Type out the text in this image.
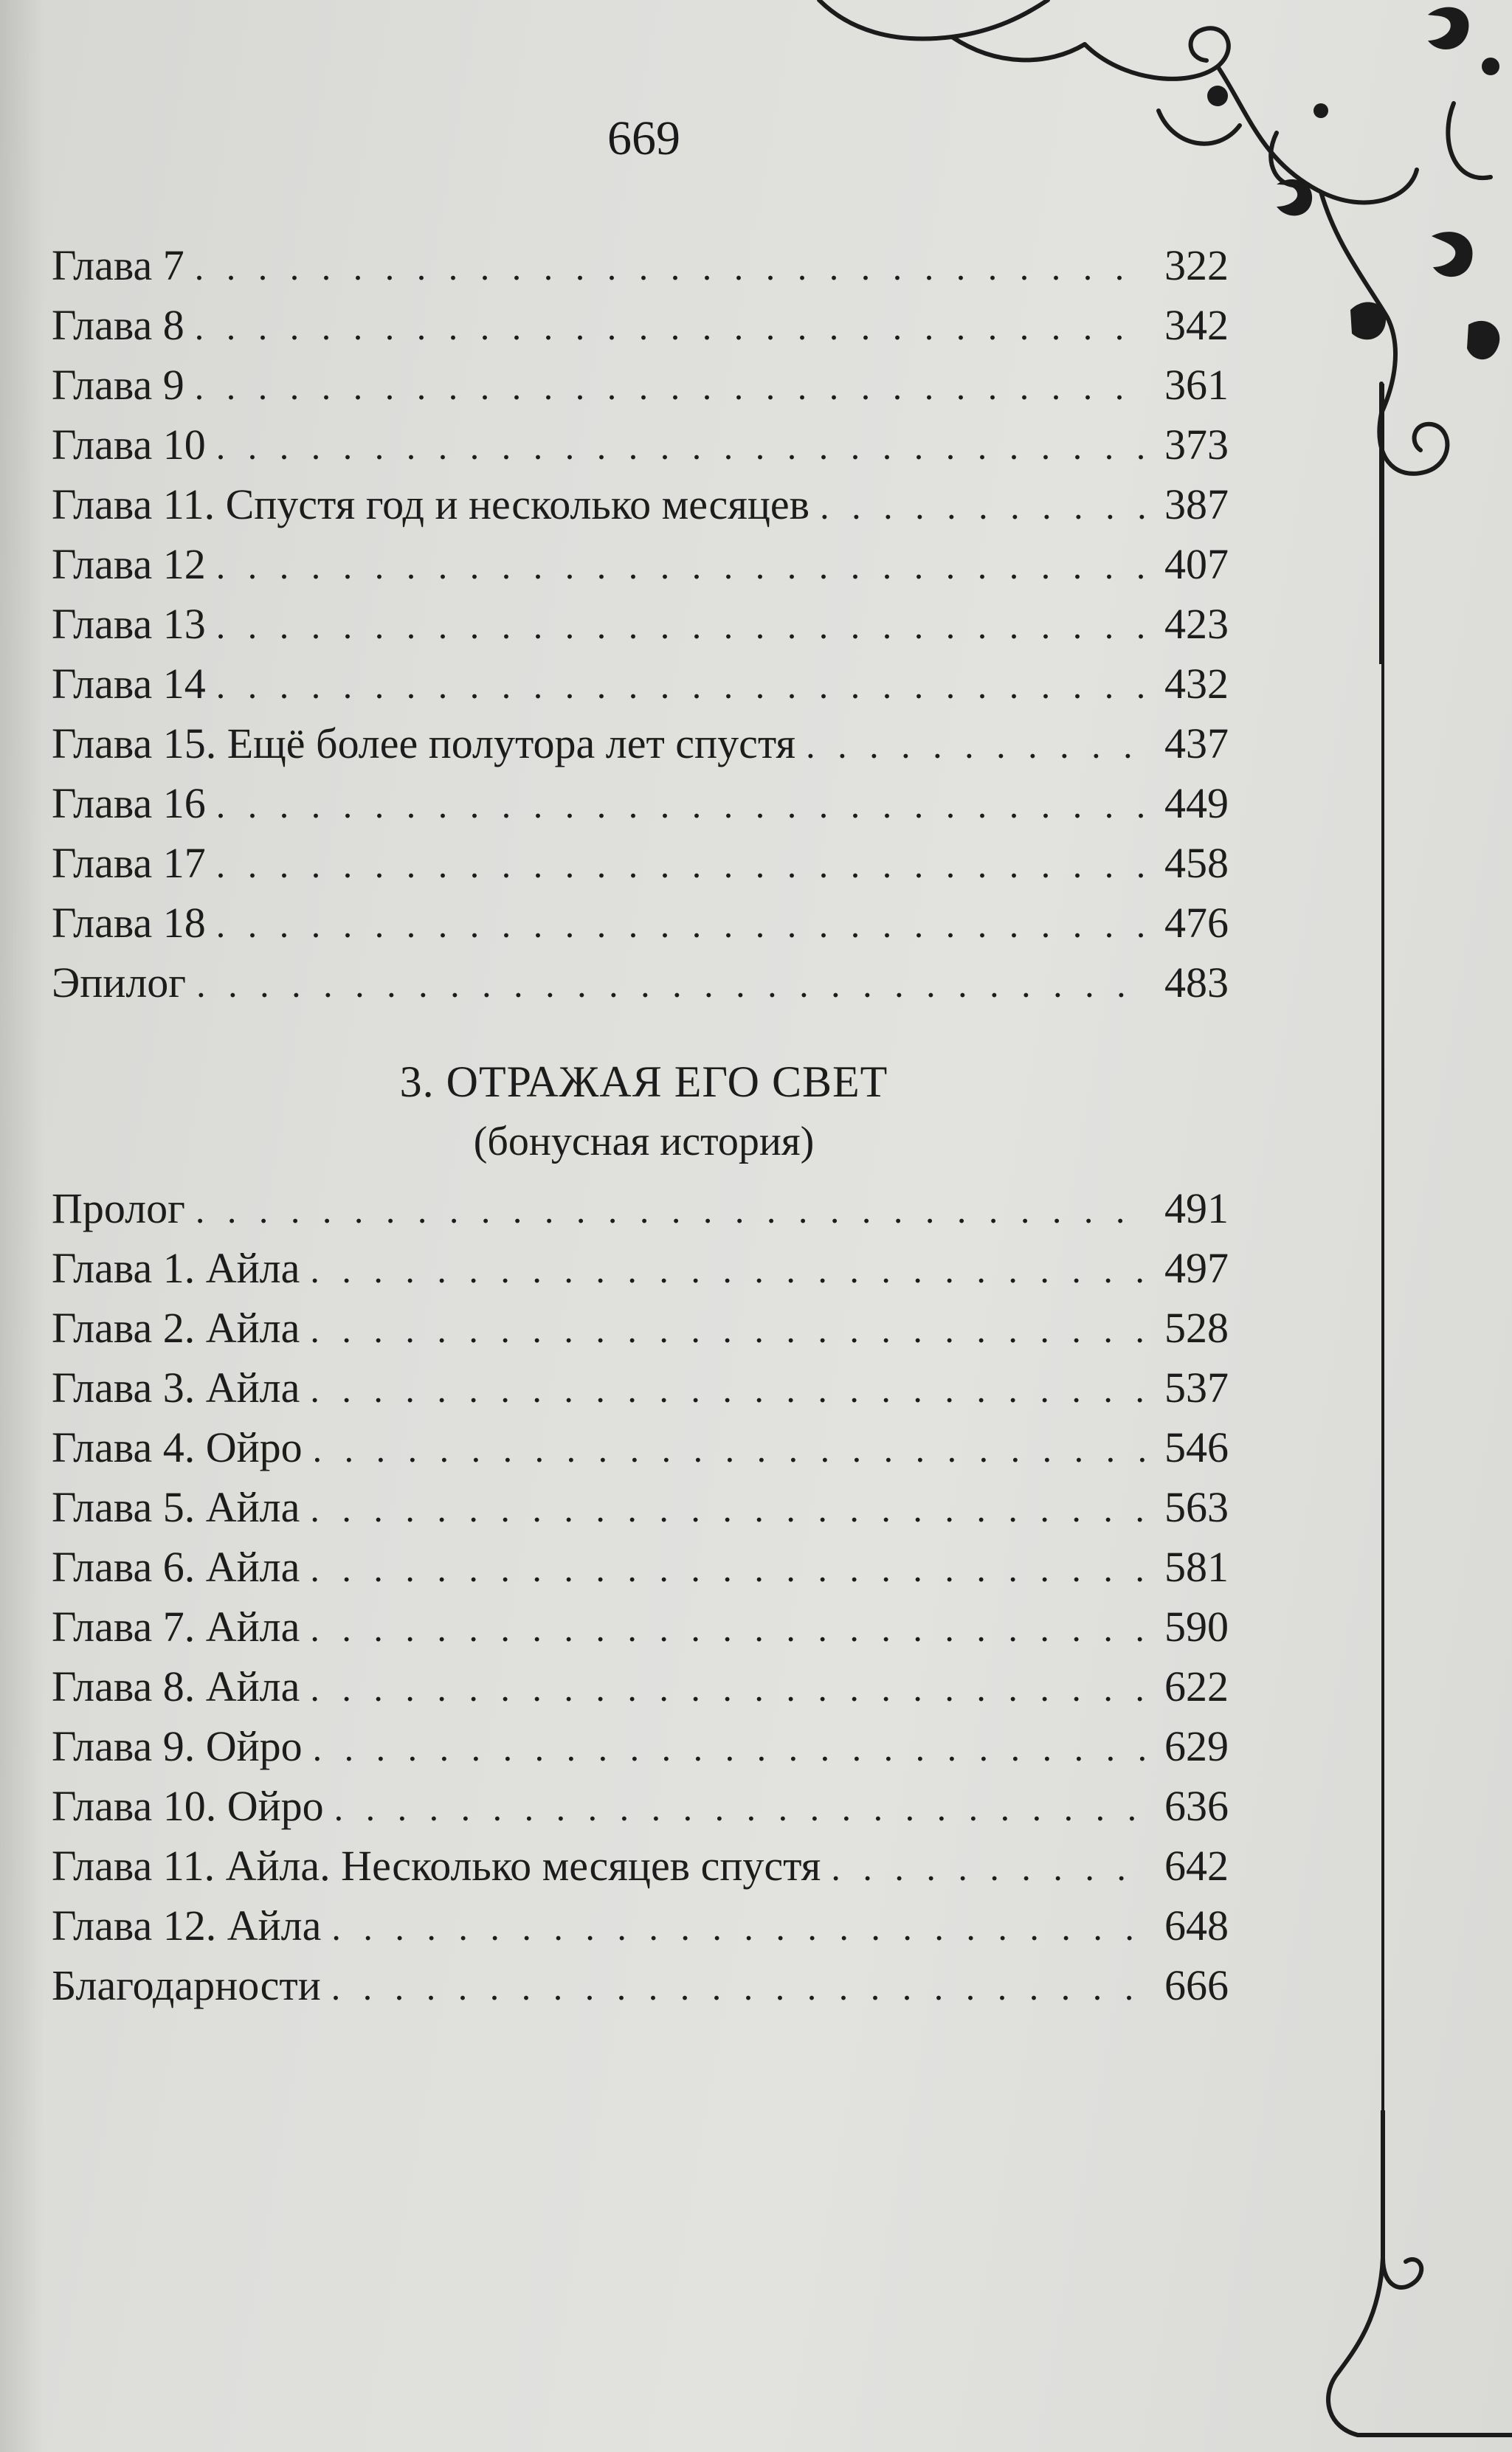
669
Глава 7 . . .	322
Глава 8 . . .	342
Глава 9 . . .	361
Глава 10 . . .	373
Глава 11. Спустя год и несколько месяцев . . .	387
Глава 12 . . .	407
Глава 13 . . .	423
Глава 14 . . .	432
Глава 15. Ещё более полутора лет спустя . . .	437
Глава 16 . . .	449
Глава 17 . . .	458
Глава 18 . . .	476
Эпилог . . .	483
3. ОТРАЖАЯ ЕГО СВЕТ
(бонусная история)
Пролог . . .	491
Глава 1. Айла . . .	497
Глава 2. Айла . . .	528
Глава 3. Айла . . .	537
Глава 4. Ойро . . .	546
Глава 5. Айла . . .	563
Глава 6. Айла . . .	581
Глава 7. Айла . . .	590
Глава 8. Айла . . .	622
Глава 9. Ойро . . .	629
Глава 10. Ойро . . .	636
Глава 11. Айла. Несколько месяцев спустя . . .	642
Глава 12. Айла . . .	648
Благодарности . . .	666
